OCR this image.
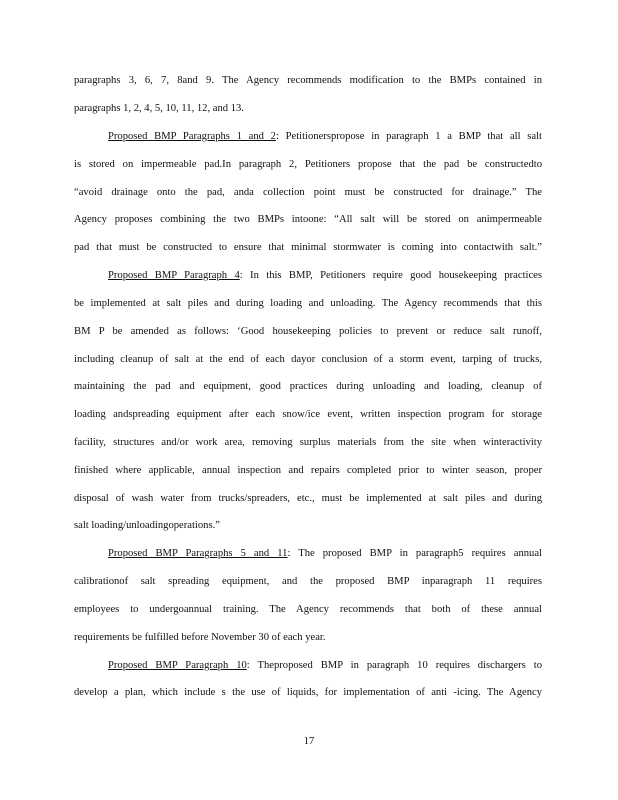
paragraphs 3, 6, 7, 8and 9. The Agency recommends modification to the BMPs contained in
paragraphs 1, 2, 4, 5, 10, 11, 12, and 13.
Proposed BMP Paragraphs 1 and 2: Petitionerspropose in paragraph 1 a BMP that all salt
is stored on impermeable pad.In paragraph 2, Petitioners propose that the pad be constructedto
“avoid drainage onto the pad, anda collection point must be constructed for drainage.” The
Agency proposes combining the two BMPs intoone: “All salt will be stored on animpermeable
pad that must be constructed to ensure that minimal stormwater is coming into contactwith salt.”
Proposed BMP Paragraph 4: In this BMP, Petitioners require good housekeeping practices
be implemented at salt piles and during loading and unloading. The Agency recommends that this
BM P be amended as follows: ‘Good housekeeping policies to prevent or reduce salt runoff,
including cleanup of salt at the end of each dayor conclusion of a storm event, tarping of trucks,
maintaining the pad and equipment, good practices during unloading and loading, cleanup of
loading andspreading equipment after each snow/ice event, written inspection program for storage
facility, structures and/or work area, removing surplus materials from the site when winteractivity
finished where applicable, annual inspection and repairs completed prior to winter season, proper
disposal of wash water from trucks/spreaders, etc., must be implemented at salt piles and during
salt loading/unloadingoperations.”
Proposed BMP Paragraphs 5 and 11: The proposed BMP in paragraph5 requires annual
calibrationof salt spreading equipment, and the proposed BMP inparagraph 11 requires
employees to undergoannual training. The Agency recommends that both of these annual
requirements be fulfilled before November 30 of each year.
Proposed BMP Paragraph 10: Theproposed BMP in paragraph 10 requires dischargers to
develop a plan, which include s the use of liquids, for implementation of anti -icing. The Agency
17
